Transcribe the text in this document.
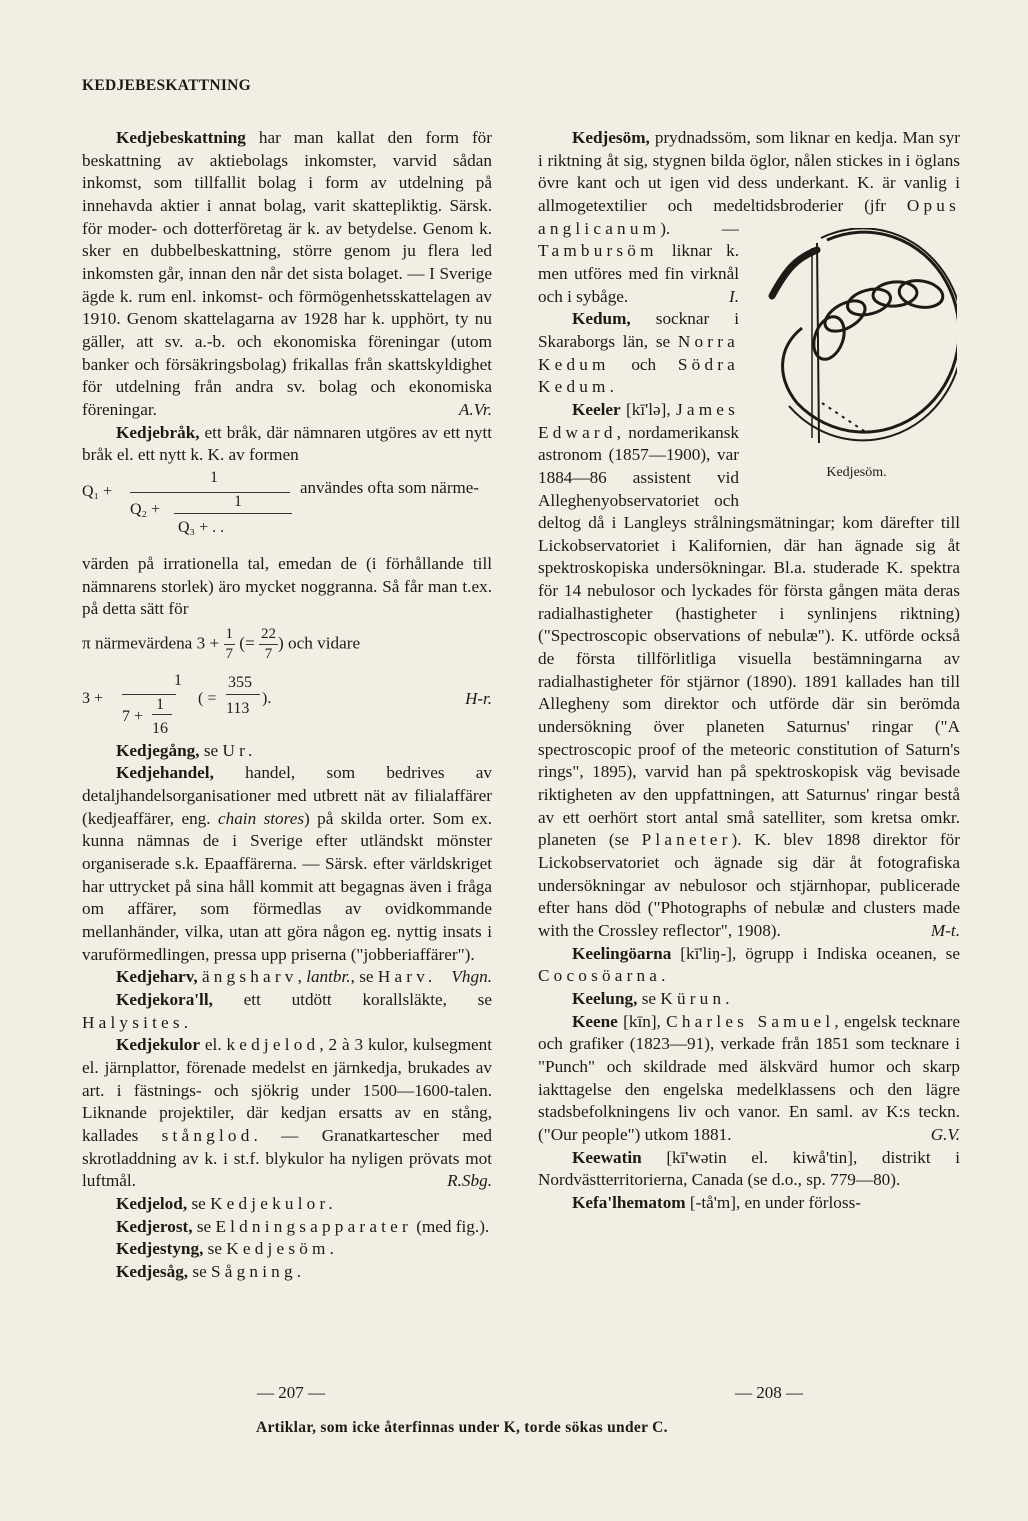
KEDJEBESKATTNING

Kedjebeskattning har man kallat den form för beskattning av aktiebolags inkomster, varvid sådan inkomst, som tillfallit bolag i form av utdelning på innehavda aktier i annat bolag, varit skattepliktig. Särsk. för moder- och dotterföretag är k. av betydelse. Genom k. sker en dubbelbeskattning, större genom ju flera led inkomsten går, innan den når det sista bolaget. — I Sverige ägde k. rum enl. inkomst- och förmögenhetsskattelagen av 1910. Genom skattelagarna av 1928 har k. upphört, ty nu gäller, att sv. a.-b. och ekonomiska föreningar (utom banker och försäkringsbolag) frikallas från skattskyldighet för utdelning från andra sv. bolag och ekonomiska föreningar.	A.Vr.

Kedjebråk, ett bråk, där nämnaren utgöres av ett nytt bråk el. ett nytt k. K. av formen

Q₁ +
1
Q₂ +	1
Q₃ + . .
användes ofta som närme-

värden på irrationella tal, emedan de (i förhållande till nämnarens storlek) äro mycket noggranna. Så får man t.ex. på detta sätt för

π närmevärdena $3 + \frac{1}{7}$ (= $\frac{22}{7}$ ) och vidare

3 +
1
7 +
1
16
( =
355
113
).	H-r.

Kedjegång, se Ur.

Kedjehandel, handel, som bedrives av detaljhandelsorganisationer med utbrett nät av filialaffärer (kedjeaffärer, eng. chain stores) på skilda orter. Som ex. kunna nämnas de i Sverige efter utländskt mönster organiserade s.k. Epaaffärerna. — Särsk. efter världskriget har uttrycket på sina håll kommit att begagnas även i fråga om affärer, som förmedlas av ovidkommande mellanhänder, vilka, utan att göra någon eg. nyttig insats i varuförmedlingen, pressa upp priserna ("jobberiaffärer").
Vhgn.

Kedjeharv, ängsharv, lantbr., se Harv.

Kedjekora'll, ett utdött korallsläkte, se Halysites.

Kedjekulor el. kedjelod, 2 à 3 kulor, kulsegment el. järnplattor, förenade medelst en järnkedja, brukades av art. i fästnings- och sjökrig under 1500—1600-talen. Liknande projektiler, där kedjan ersatts av en stång, kallades stånglod. — Granatkartescher med skrotladdning av k. i st.f. blykulor ha nyligen prövats mot luftmål.	R.Sbg.

Kedjelod, se Kedjekulor.

Kedjerost, se Eldningsapparater (med fig.).

Kedjestyng, se Kedjesöm.

Kedjesåg, se Sågning.

Kedjesöm, prydnadssöm, som liknar en kedja. Man syr i riktning åt sig, stygnen bilda öglor, nålen stickes in i öglans övre kant och ut igen vid dess underkant. K. är vanlig i allmogetextilier och medeltidsbroderier (jfr
Kedjesöm.
Opus anglicanum). — Tambursöm liknar k. men utföres med fin virknål och i sybåge.	I.

Kedum, socknar i Skaraborgs län, se Norra Kedum och Södra Kedum.

Keeler [kī'lə], James Edward, nordamerikansk astronom (1857—1900), var 1884—86 assistent vid Alleghenyobservatoriet och deltog då i Langleys strålningsmätningar; kom därefter till Lickobservatoriet i Kalifornien, där han ägnade sig åt spektroskopiska undersökningar. Bl.a. studerade K. spektra för 14 nebulosor och lyckades för första gången mäta deras radialhastigheter (hastigheter i synlinjens riktning) ("Spectroscopic observations of nebulæ"). K. utförde också de första tillförlitliga visuella bestämningarna av radialhastigheter för stjärnor (1890). 1891 kallades han till Allegheny som direktor och utförde där sin berömda undersökning över planeten Saturnus' ringar ("A spectroscopic proof of the meteoric constitution of Saturn's rings", 1895), varvid han på spektroskopisk väg bevisade riktigheten av den uppfattningen, att Saturnus' ringar bestå av ett oerhört stort antal små satelliter, som kretsa omkr. planeten (se Planeter). K. blev 1898 direktor för Lickobservatoriet och ägnade sig där åt fotografiska undersökningar av nebulosor och stjärnhopar, publicerade efter hans död ("Photographs of nebulæ and clusters made with the Crossley reflector", 1908).	M-t.

Keelingöarna [kī'liŋ-], ögrupp i Indiska oceanen, se Cocosöarna.

Keelung, se Kürun.

Keene [kīn], Charles Samuel, engelsk tecknare och grafiker (1823—91), verkade från 1851 som tecknare i "Punch" och skildrade med älskvärd humor och skarp iakttagelse den engelska medelklassens och den lägre stadsbefolkningens liv och vanor. En saml. av K:s teckn. ("Our people") utkom 1881.	G.V.

Keewatin [kī'wətin el. kiwå'tin], distrikt i Nordvästterritorierna, Canada (se d.o., sp. 779—80).

Kefa'lhematom [-tå'm], en under förloss-

— 207 —	— 208 —
Artiklar, som icke återfinnas under K, torde sökas under C.
